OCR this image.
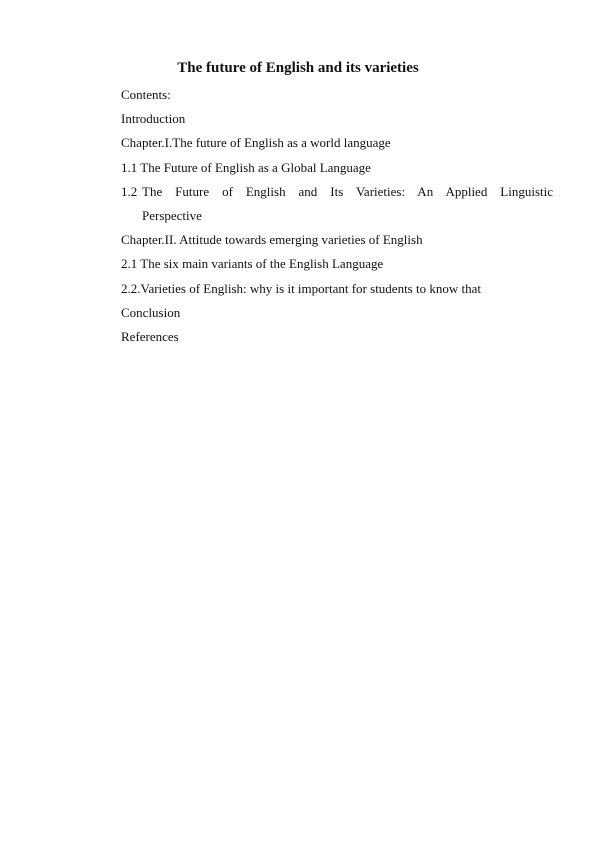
The future of English and its varieties
Contents:
Introduction
Chapter.I.The future of English as a world language
1.1 The Future of English as a Global Language
1.2 The Future of English and Its Varieties: An Applied Linguistic
Perspective
Chapter.II. Attitude towards emerging varieties of English
2.1 The six main variants of the English Language
2.2.Varieties of English: why is it important for students to know that
Conclusion
References
